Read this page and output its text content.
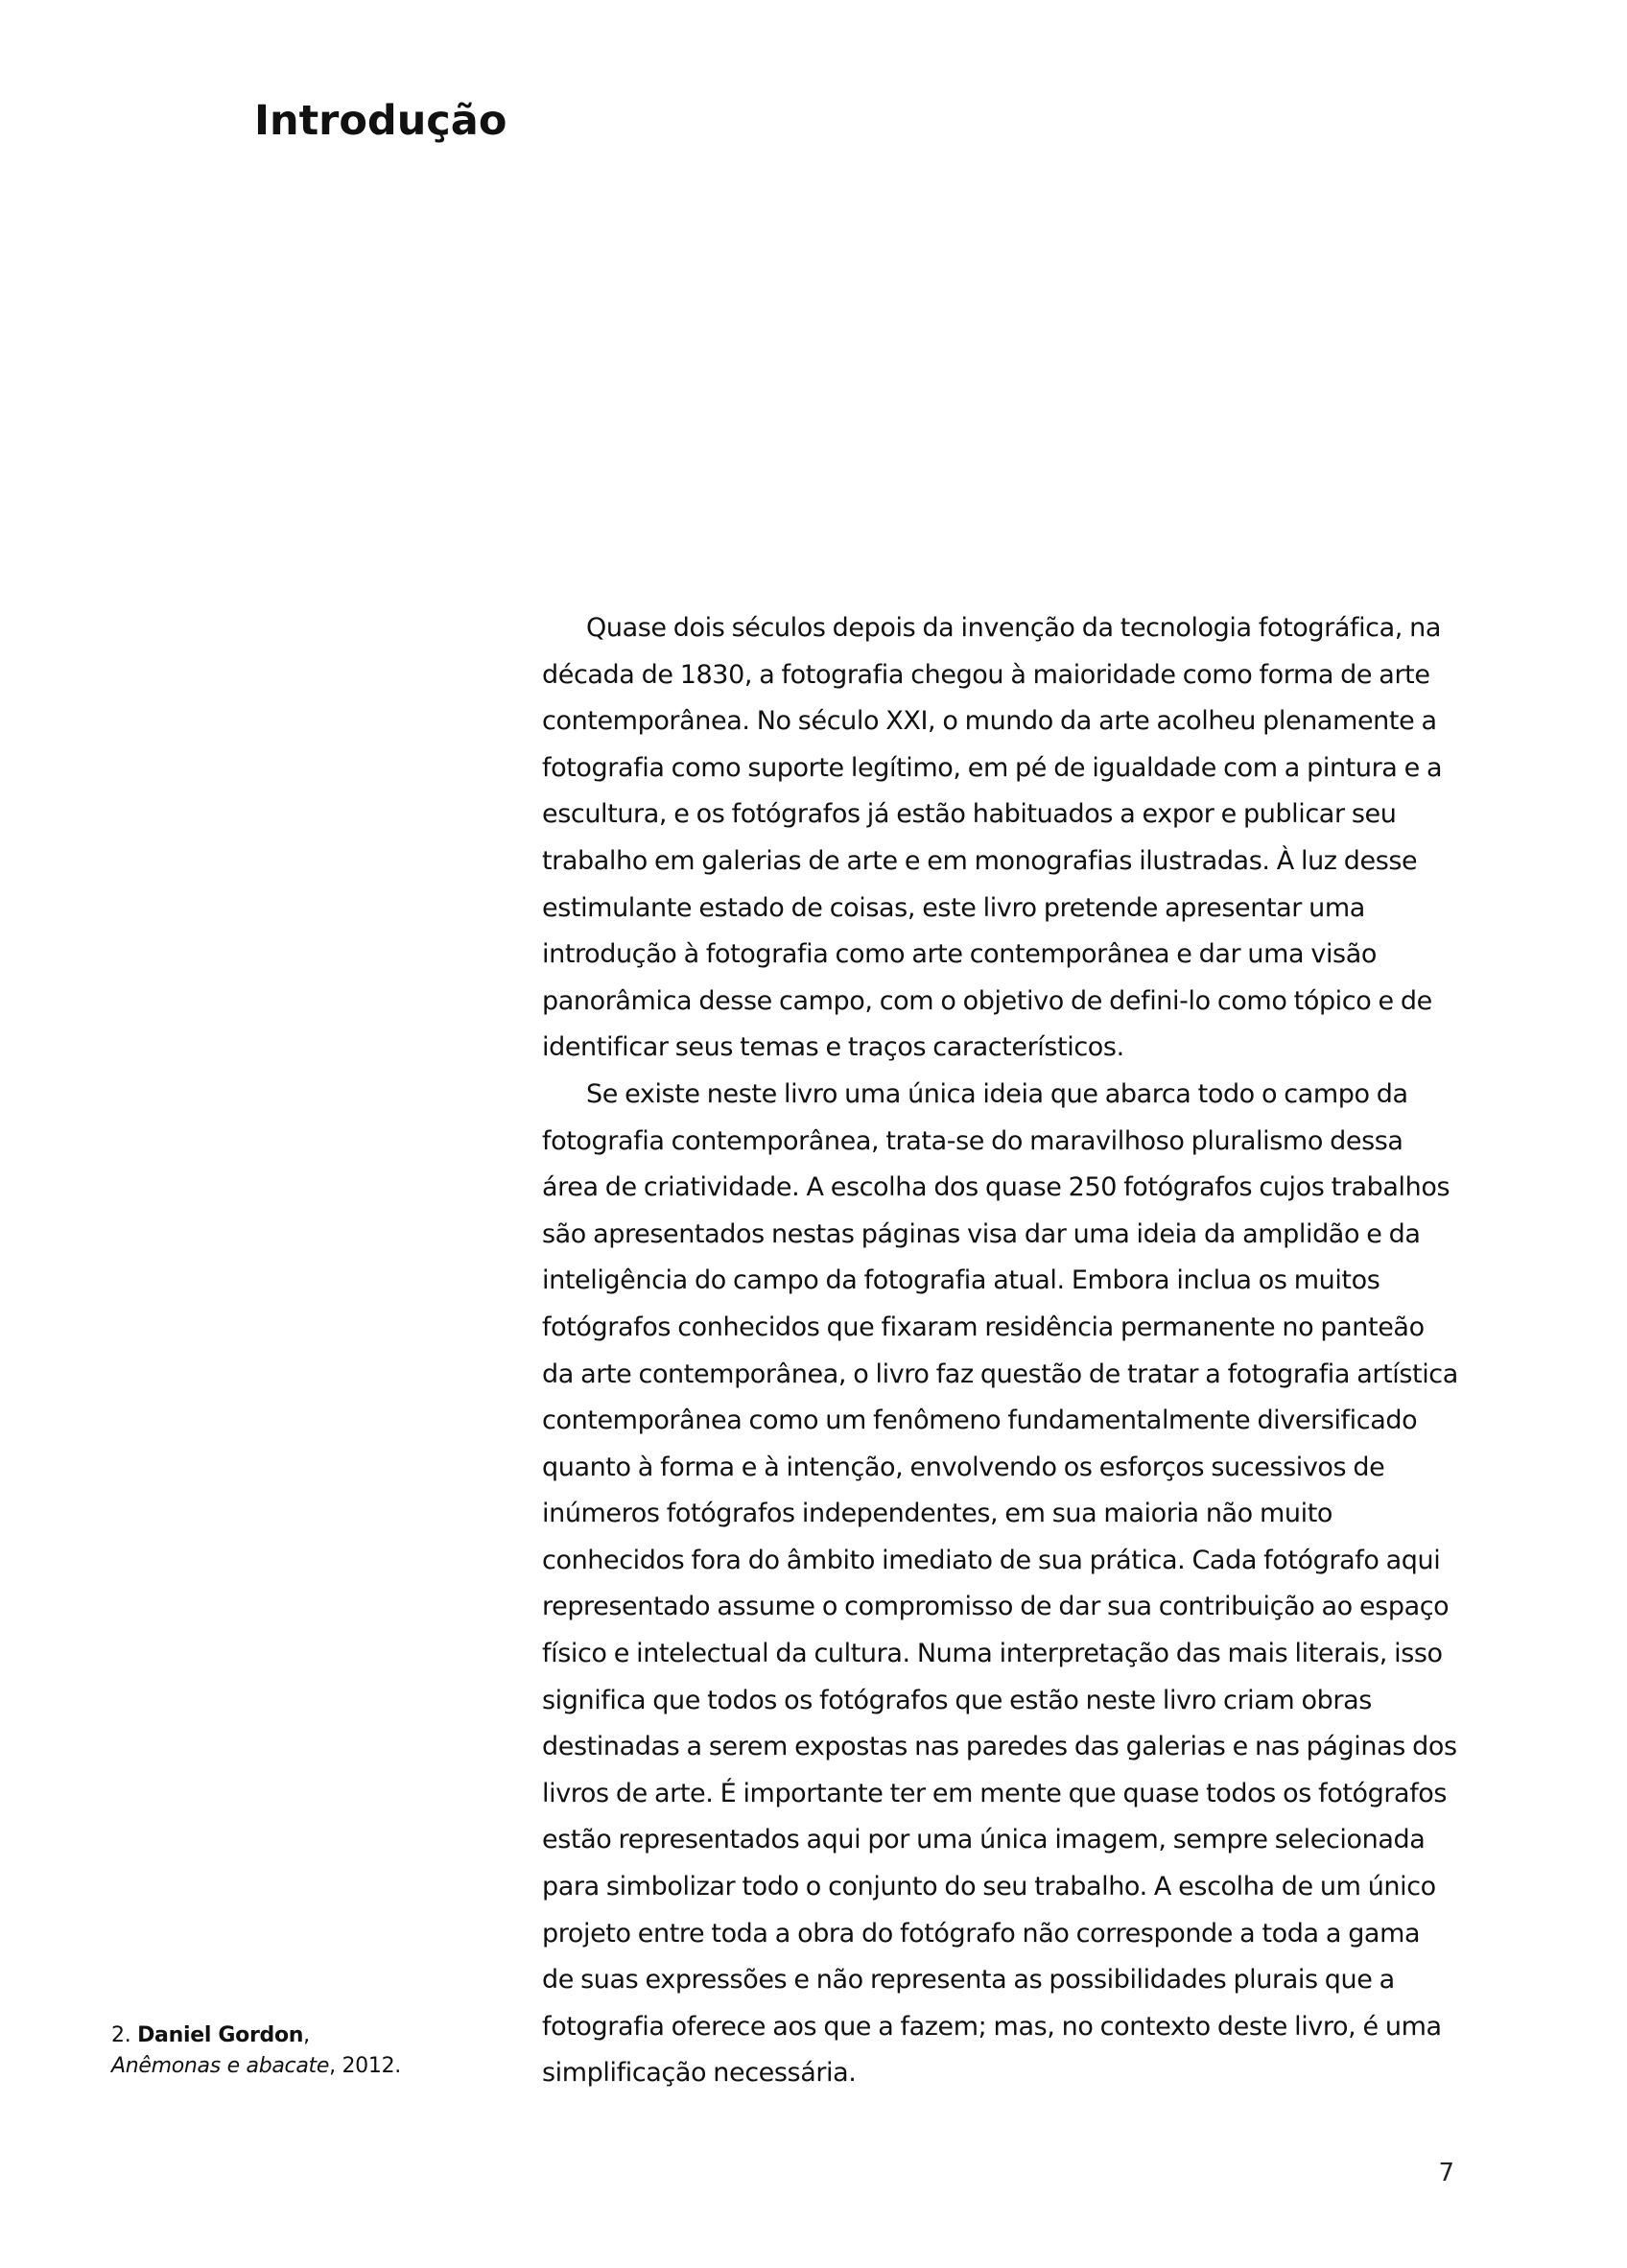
Introdução

Quase dois séculos depois da invenção da tecnologia fotográfica, na década de 1830, a fotografia chegou à maioridade como forma de arte contemporânea. No século XXI, o mundo da arte acolheu plenamente a fotografia como suporte legítimo, em pé de igualdade com a pintura e a escultura, e os fotógrafos já estão habituados a expor e publicar seu trabalho em galerias de arte e em monografias ilustradas. À luz desse estimulante estado de coisas, este livro pretende apresentar uma introdução à fotografia como arte contemporânea e dar uma visão panorâmica desse campo, com o objetivo de defini-lo como tópico e de identificar seus temas e traços característicos.

Se existe neste livro uma única ideia que abarca todo o campo da fotografia contemporânea, trata-se do maravilhoso pluralismo dessa área de criatividade. A escolha dos quase 250 fotógrafos cujos trabalhos são apresentados nestas páginas visa dar uma ideia da amplidão e da inteligência do campo da fotografia atual. Embora inclua os muitos fotógrafos conhecidos que fixaram residência permanente no panteão da arte contemporânea, o livro faz questão de tratar a fotografia artística contemporânea como um fenômeno fundamentalmente diversificado quanto à forma e à intenção, envolvendo os esforços sucessivos de inúmeros fotógrafos independentes, em sua maioria não muito conhecidos fora do âmbito imediato de sua prática. Cada fotógrafo aqui representado assume o compromisso de dar sua contribuição ao espaço físico e intelectual da cultura. Numa interpretação das mais literais, isso significa que todos os fotógrafos que estão neste livro criam obras destinadas a serem expostas nas paredes das galerias e nas páginas dos livros de arte. É importante ter em mente que quase todos os fotógrafos estão representados aqui por uma única imagem, sempre selecionada para simbolizar todo o conjunto do seu trabalho. A escolha de um único projeto entre toda a obra do fotógrafo não corresponde a toda a gama de suas expressões e não representa as possibilidades plurais que a fotografia oferece aos que a fazem; mas, no contexto deste livro, é uma simplificação necessária.

2. Daniel Gordon,
Anêmonas e abacate, 2012.
7
